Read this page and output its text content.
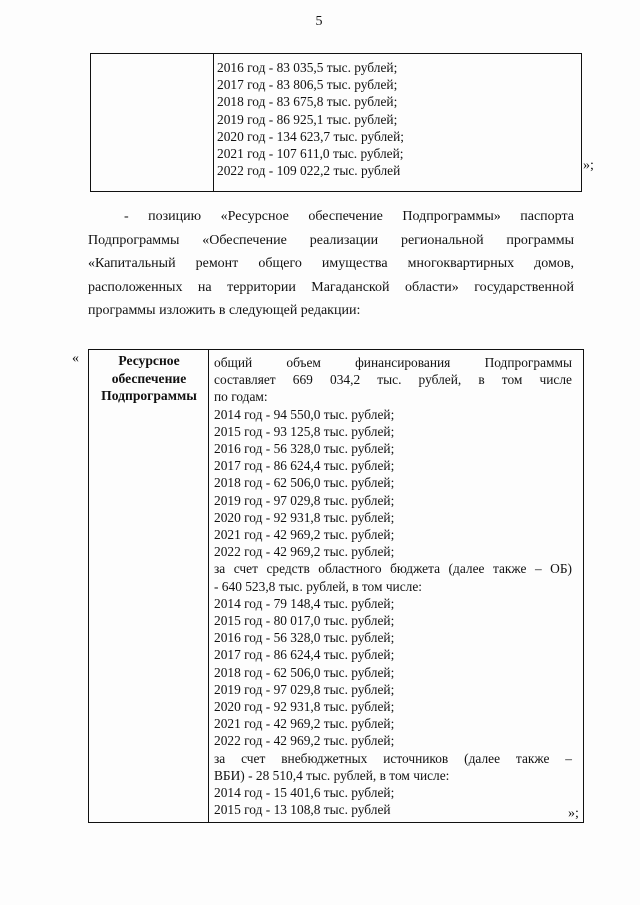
5
2016 год - 83 035,5 тыс. рублей;
2017 год - 83 806,5 тыс. рублей;
2018 год - 83 675,8 тыс. рублей;
2019 год - 86 925,1 тыс. рублей;
2020 год - 134 623,7 тыс. рублей;
2021 год - 107 611,0 тыс. рублей;
2022 год - 109 022,2 тыс. рублей	»;
- позицию «Ресурсное обеспечение Подпрограммы» паспорта
Подпрограммы «Обеспечение реализации региональной программы
«Капитальный ремонт общего имущества многоквартирных домов,
расположенных на территории Магаданской области» государственной
программы изложить в следующей редакции:
«	Ресурсное
обеспечение
Подпрограммы
общий объем финансирования Подпрограммы
составляет 669 034,2 тыс. рублей, в том числе
по годам:
2014 год - 94 550,0 тыс. рублей;
2015 год - 93 125,8 тыс. рублей;
2016 год - 56 328,0 тыс. рублей;
2017 год - 86 624,4 тыс. рублей;
2018 год - 62 506,0 тыс. рублей;
2019 год - 97 029,8 тыс. рублей;
2020 год - 92 931,8 тыс. рублей;
2021 год - 42 969,2 тыс. рублей;
2022 год - 42 969,2 тыс. рублей;
за счет средств областного бюджета (далее также – ОБ)
- 640 523,8 тыс. рублей, в том числе:
2014 год - 79 148,4 тыс. рублей;
2015 год - 80 017,0 тыс. рублей;
2016 год - 56 328,0 тыс. рублей;
2017 год - 86 624,4 тыс. рублей;
2018 год - 62 506,0 тыс. рублей;
2019 год - 97 029,8 тыс. рублей;
2020 год - 92 931,8 тыс. рублей;
2021 год - 42 969,2 тыс. рублей;
2022 год - 42 969,2 тыс. рублей;
за счет внебюджетных источников (далее также –
ВБИ) - 28 510,4 тыс. рублей, в том числе:
2014 год - 15 401,6 тыс. рублей;
2015 год - 13 108,8 тыс. рублей	»;
